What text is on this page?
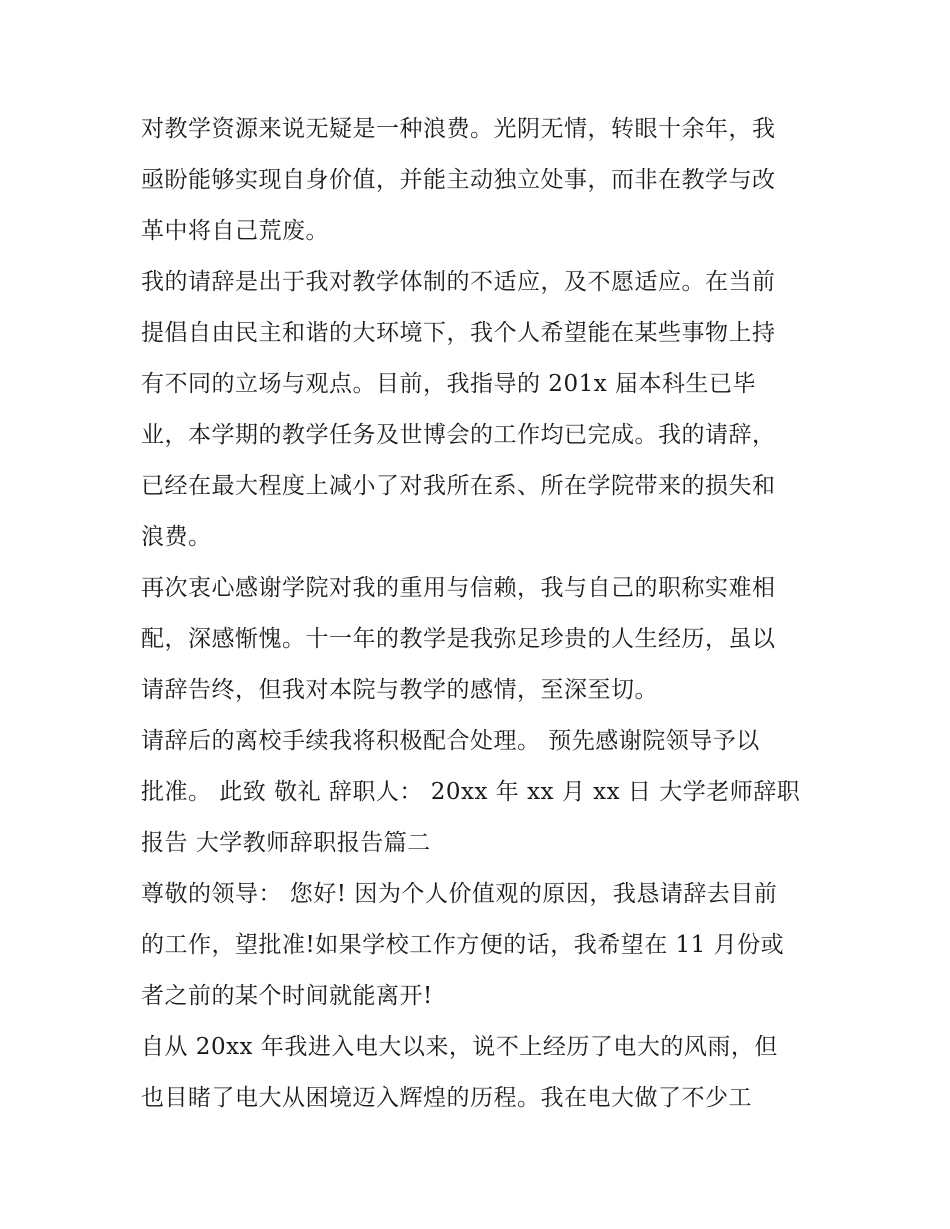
对教学资源来说无疑是一种浪费。光阴无情，转眼十余年，我
亟盼能够实现自身价值，并能主动独立处事，而非在教学与改
革中将自己荒废。
我的请辞是出于我对教学体制的不适应，及不愿适应。在当前
提倡自由民主和谐的大环境下，我个人希望能在某些事物上持
有不同的立场与观点。目前，我指导的 201x 届本科生已毕
业，本学期的教学任务及世博会的工作均已完成。我的请辞，
已经在最大程度上减小了对我所在系、所在学院带来的损失和
浪费。
再次衷心感谢学院对我的重用与信赖，我与自己的职称实难相
配，深感惭愧。十一年的教学是我弥足珍贵的人生经历，虽以
请辞告终，但我对本院与教学的感情，至深至切。
请辞后的离校手续我将积极配合处理。 预先感谢院领导予以
批准。 此致 敬礼 辞职人： 20xx 年 xx 月 xx 日 大学老师辞职
报告 大学教师辞职报告篇二
尊敬的领导： 您好! 因为个人价值观的原因，我恳请辞去目前
的工作，望批准!如果学校工作方便的话，我希望在 11 月份或
者之前的某个时间就能离开!
自从 20xx 年我进入电大以来，说不上经历了电大的风雨，但
也目睹了电大从困境迈入辉煌的历程。我在电大做了不少工
